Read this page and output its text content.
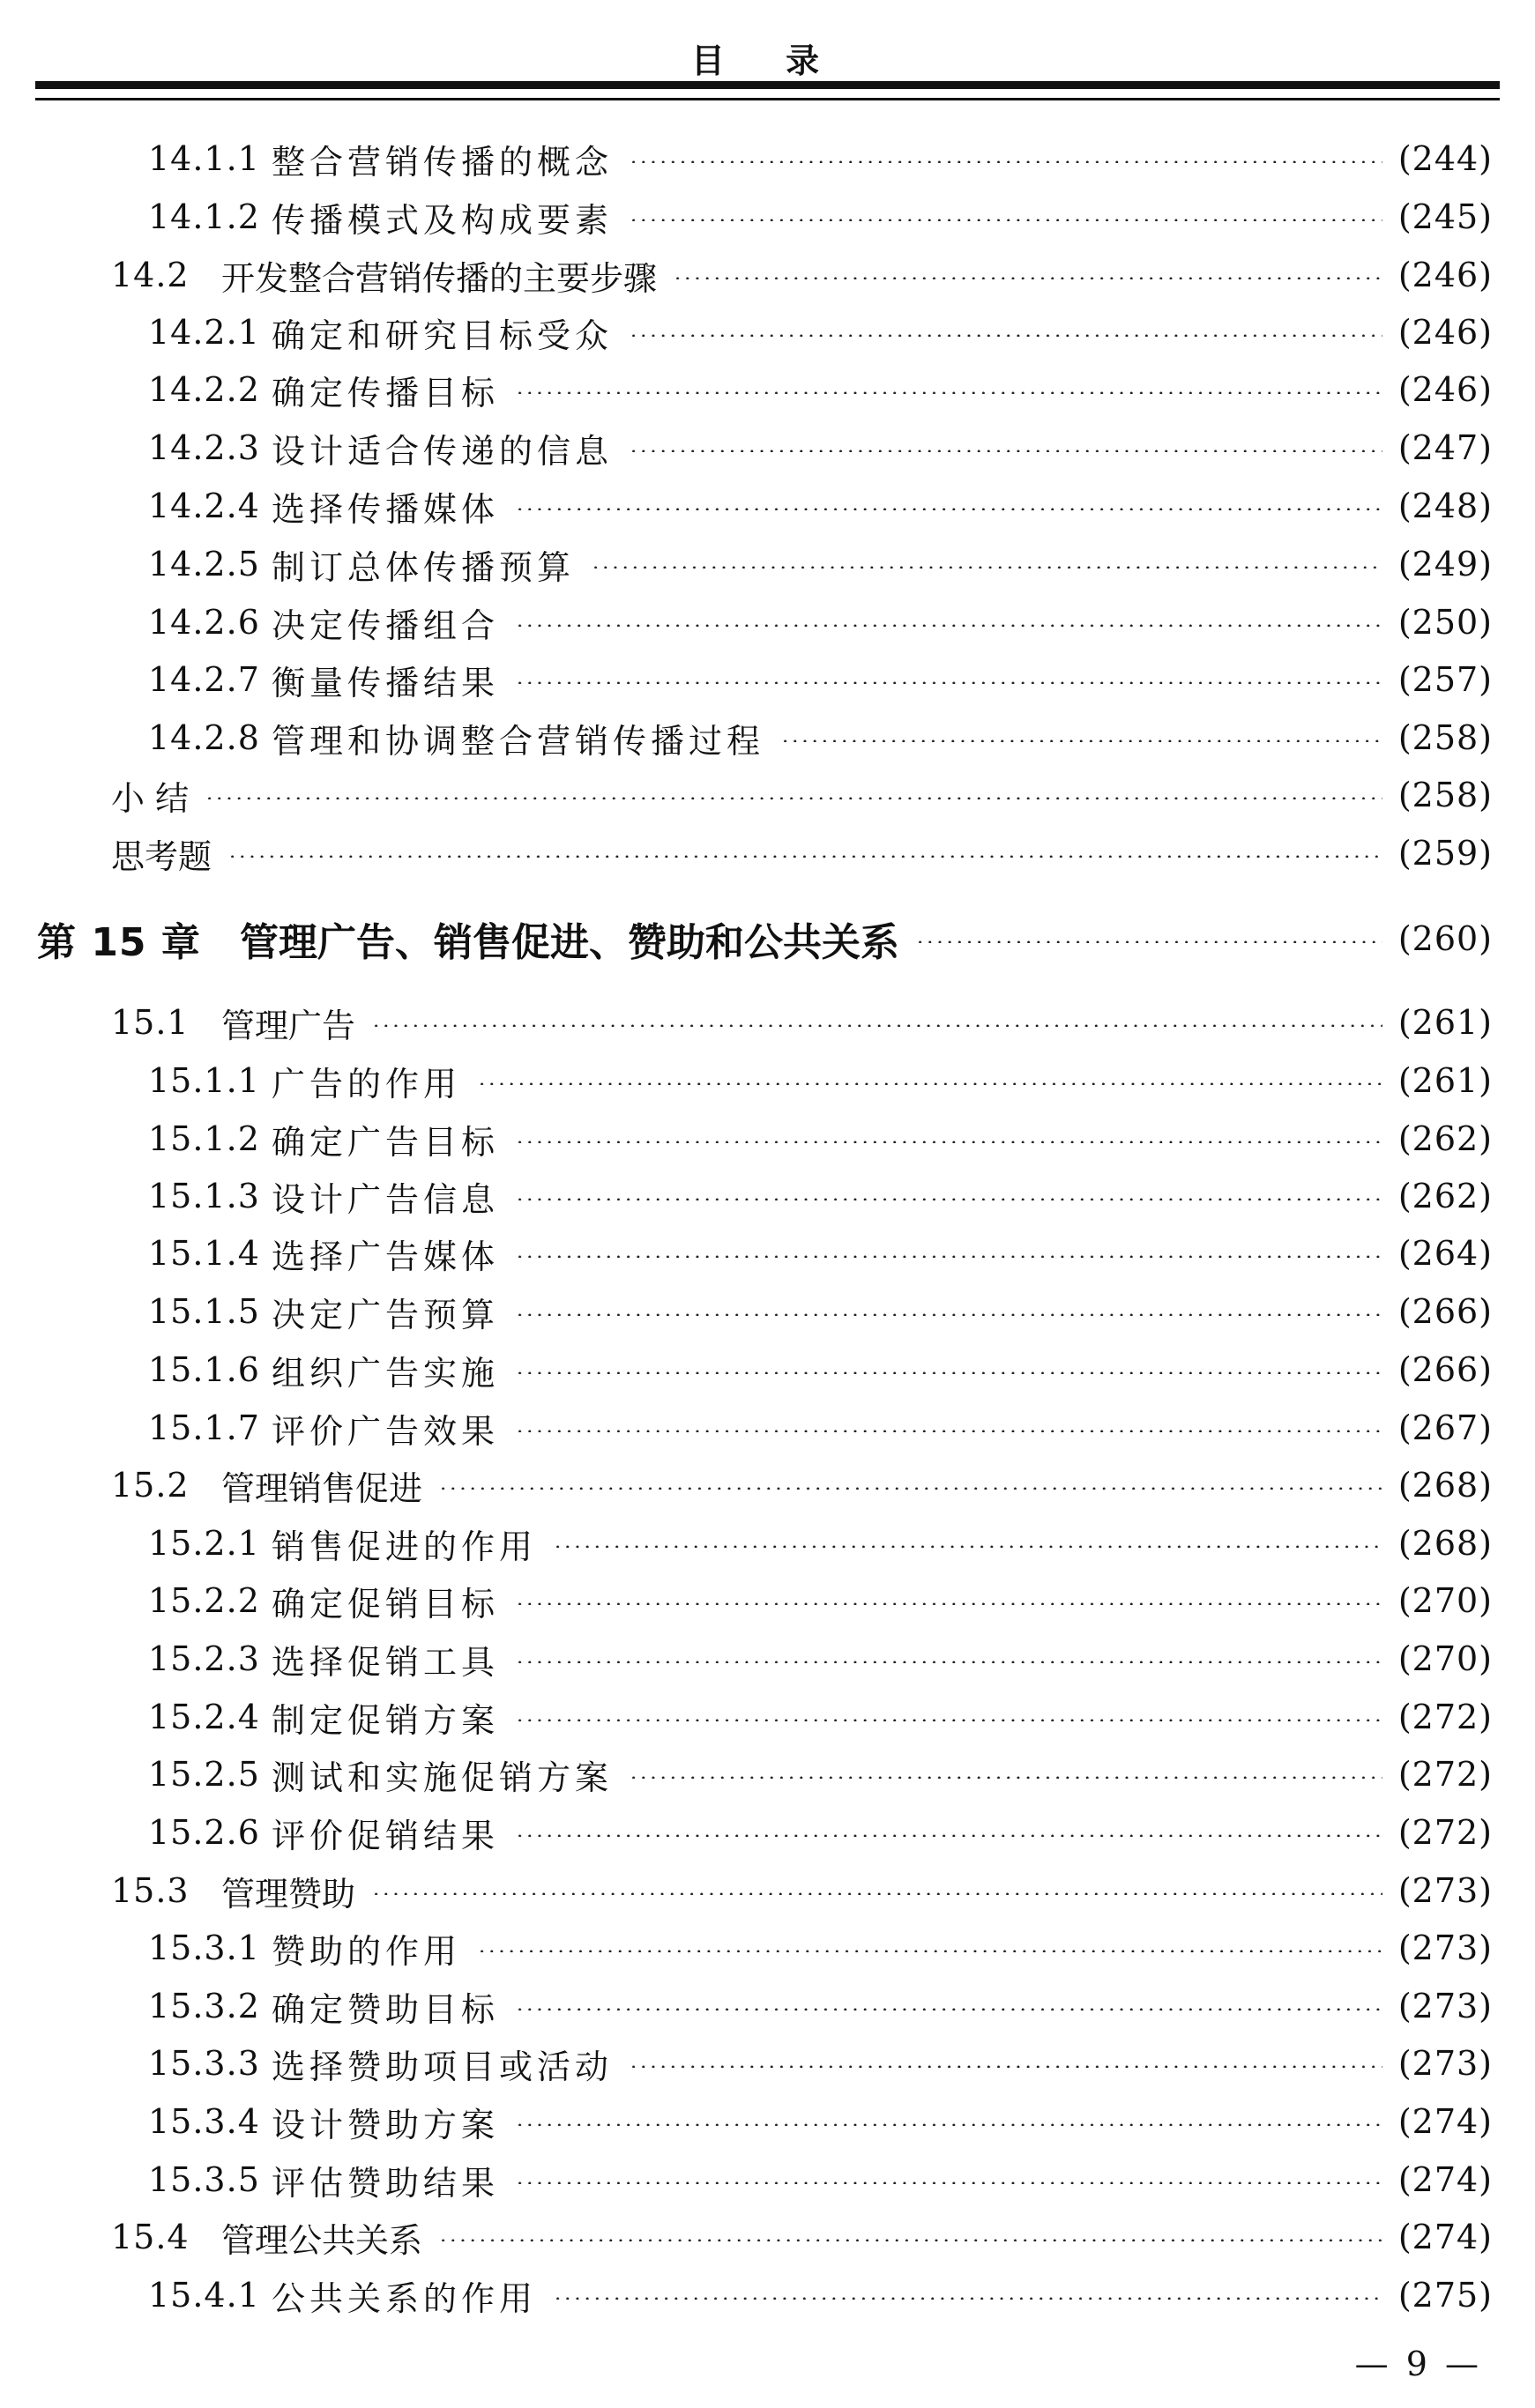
目 录
14.1.1 整合营销传播的概念	(244)
14.1.2 传播模式及构成要素	(245)
14.2 开发整合营销传播的主要步骤	(246)
14.2.1 确定和研究目标受众	(246)
14.2.2 确定传播目标	(246)
14.2.3 设计适合传递的信息	(247)
14.2.4 选择传播媒体	(248)
14.2.5 制订总体传播预算	(249)
14.2.6 决定传播组合	(250)
14.2.7 衡量传播结果	(257)
14.2.8 管理和协调整合营销传播过程	(258)
小 结	(258)
思考题	(259)
第 15 章	管理广告、销售促进、赞助和公共关系	(260)
15.1 管理广告	(261)
15.1.1 广告的作用	(261)
15.1.2 确定广告目标	(262)
15.1.3 设计广告信息	(262)
15.1.4 选择广告媒体	(264)
15.1.5 决定广告预算	(266)
15.1.6 组织广告实施	(266)
15.1.7 评价广告效果	(267)
15.2 管理销售促进	(268)
15.2.1 销售促进的作用	(268)
15.2.2 确定促销目标	(270)
15.2.3 选择促销工具	(270)
15.2.4 制定促销方案	(272)
15.2.5 测试和实施促销方案	(272)
15.2.6 评价促销结果	(272)
15.3 管理赞助	(273)
15.3.1 赞助的作用	(273)
15.3.2 确定赞助目标	(273)
15.3.3 选择赞助项目或活动	(273)
15.3.4 设计赞助方案	(274)
15.3.5 评估赞助结果	(274)
15.4 管理公共关系	(274)
15.4.1 公共关系的作用	(275)
— 9 —
